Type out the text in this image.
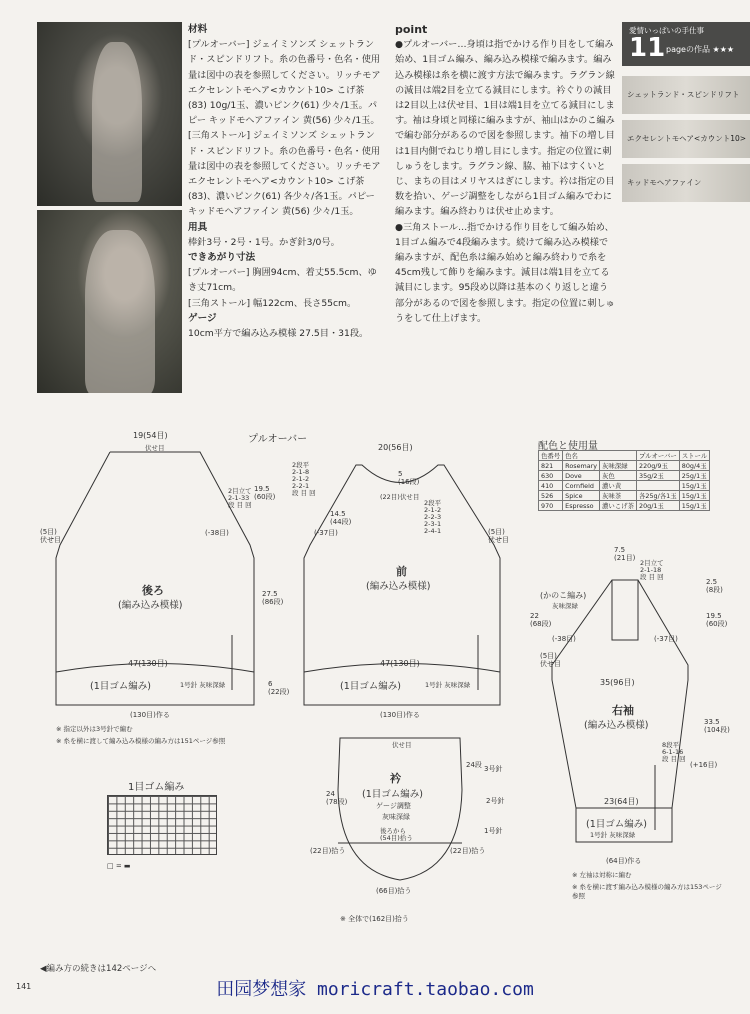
材料
[プルオーバー] ジェイミソンズ シェットランド・スピンドリフト。糸の色番号・色名・使用量は図中の表を参照してください。リッチモア エクセレントモヘア<カウント10> こげ茶(83) 10g/1玉、濃いピンク(61) 少々/1玉。パピー キッドモヘアファイン 黄(56) 少々/1玉。
[三角ストール] ジェイミソンズ シェットランド・スピンドリフト。糸の色番号・色名・使用量は図中の表を参照してください。リッチモア エクセレントモヘア<カウント10> こげ茶(83)、濃いピンク(61) 各少々/各1玉。パピー キッドモヘアファイン 黄(56) 少々/1玉。
用具
棒針3号・2号・1号。かぎ針3/0号。
できあがり寸法
[プルオーバー] 胸囲94cm、着丈55.5cm、ゆき丈71cm。
[三角ストール] 幅122cm、長さ55cm。
ゲージ
10cm平方で編み込み模様 27.5目・31段。
point
●プルオーバー…身頃は指でかける作り目をして編み始め、1目ゴム編み、編み込み模様で編みます。編み込み模様は糸を横に渡す方法で編みます。ラグラン線の減目は端2目を立てる減目にします。衿ぐりの減目は2目以上は伏せ目、1目は端1目を立てる減目にします。袖は身頃と同様に編みますが、袖山はかのこ編みで編む部分があるので図を参照します。袖下の増し目は1目内側でねじり増し目にします。指定の位置に刺しゅうをします。ラグラン線、脇、袖下はすくいとじ、まちの目はメリヤスはぎにします。衿は指定の目数を拾い、ゲージ調整をしながら1目ゴム編みでわに編みます。編み終わりは伏せ止めます。
●三角ストール…指でかける作り目をして編み始め、1目ゴム編みで4段編みます。続けて編み込み模様で編みますが、配色糸は編み始めと編み終わりで糸を45cm残して飾りを編みます。減目は端1目を立てる減目にします。95段め以降は基本のくり返しと違う部分があるので図を参照します。指定の位置に刺しゅうをして仕上げます。
愛情いっぱいの手仕事
11 pageの作品 ★★★
シェットランド・スピンドリフト
エクセレントモヘア<カウント10>
キッドモヘアファイン
プルオーバー
19(54目)
伏せ目
2目立て
2-1-33
段 目 回
19.5
(60段)
27.5
(86段)
6
(22段)
(5目)
伏せ目
(-38目)
後ろ
(編み込み模様)
47(130目)
(1目ゴム編み)	1号針 灰味深緑
(130目)作る
※ 指定以外は3号針で編む
※ 糸を横に渡して編み込み模様の編み方は151ページ参照
20(56目)
2段平
2-1-8
2-1-2
2-2-1
段 目 回
5
(16段)
(22目)伏せ目
2段平
2-1-2
2-2-3
2-3-1
2-4-1
14.5
(44段)
(-37目)	(5目)
伏せ目
前
(編み込み模様)
47(130目)
(1目ゴム編み)	1号針 灰味深緑
(130目)作る
伏せ目
衿
(1目ゴム編み)
ゲージ調整
灰味深緑
3号針
2号針
1号針
24
(78段)
24段
後ろから
(54目)拾う
(22目)拾う	(22目)拾う
(66目)拾う
※ 全体で(162目)拾う
7.5
(21目)
(かのこ編み)
灰味深緑
2目立て
2-1-18
段 目 回
22
(68段)
(-38目)	(-37目)
(5目)
伏せ目
35(96目)
右袖
(編み込み模様)
8段平
6-1-16
段 目 回
(+16目)
33.5
(104段)
19.5
(60段)
2.5
(8段)
23(64目)
(1目ゴム編み)
1号針 灰味深緑
(64目)作る
※ 左袖は対称に編む
※ 糸を横に渡す編み込み模様の編み方は153ページ参照
1目ゴム編み
□ = ▬
配色と使用量
色番号	色名		プルオーバー	ストール
821	Rosemary	灰味深緑	220g/9玉	80g/4玉
630	Dove	灰色	35g/2玉	25g/1玉
410	Cornfield	濃い黄		15g/1玉
526	Spice	灰味茶	各25g/各1玉	15g/1玉
970	Espresso	濃いこげ茶	20g/1玉	15g/1玉
◀編み方の続きは142ページへ
141	田园梦想家 moricraft.taobao.com
